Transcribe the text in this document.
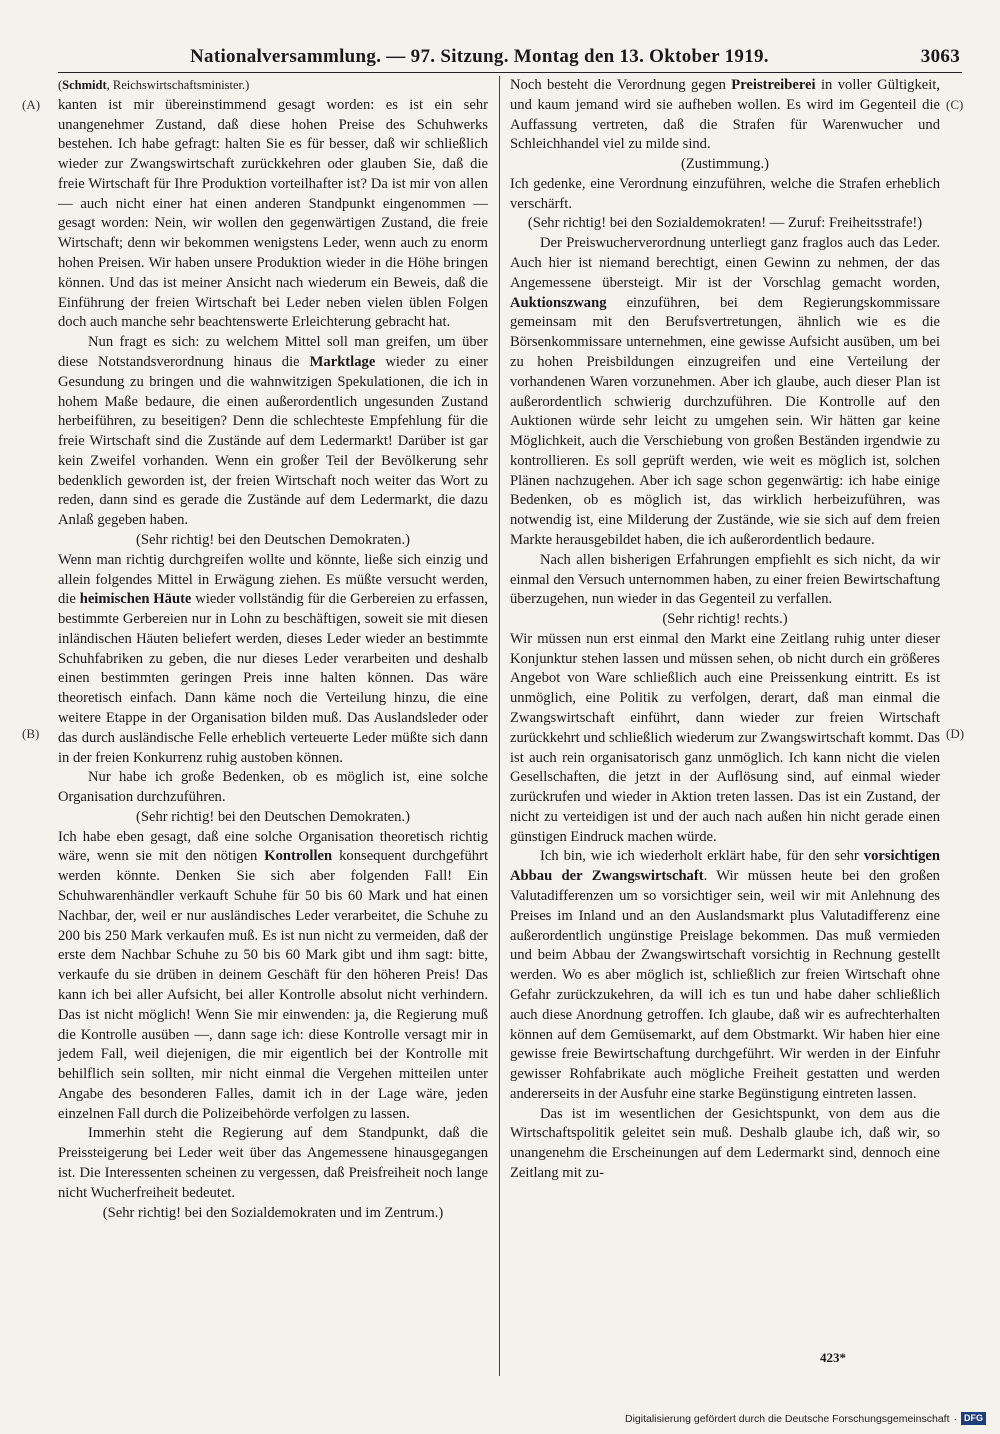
Nationalversammlung. — 97. Sitzung. Montag den 13. Oktober 1919.	3063
(A)
(B)
(C)
(D)

(Schmidt, Reichswirtschaftsminister.)

kanten ist mir übereinstimmend gesagt worden: es ist ein sehr unangenehmer Zustand, daß diese hohen Preise des Schuhwerks bestehen. Ich habe gefragt: halten Sie es für besser, daß wir schließlich wieder zur Zwangswirtschaft zurückkehren oder glauben Sie, daß die freie Wirtschaft für Ihre Produktion vorteilhafter ist? Da ist mir von allen — auch nicht einer hat einen anderen Standpunkt eingenommen — gesagt worden: Nein, wir wollen den gegenwärtigen Zustand, die freie Wirtschaft; denn wir bekommen wenigstens Leder, wenn auch zu enorm hohen Preisen. Wir haben unsere Produktion wieder in die Höhe bringen können. Und das ist meiner Ansicht nach wiederum ein Beweis, daß die Einführung der freien Wirtschaft bei Leder neben vielen üblen Folgen doch auch manche sehr beachtenswerte Erleichterung gebracht hat.

Nun fragt es sich: zu welchem Mittel soll man greifen, um über diese Notstandsverordnung hinaus die Marktlage wieder zu einer Gesundung zu bringen und die wahnwitzigen Spekulationen, die ich in hohem Maße bedaure, die einen außerordentlich ungesunden Zustand herbeiführen, zu beseitigen? Denn die schlechteste Empfehlung für die freie Wirtschaft sind die Zustände auf dem Ledermarkt! Darüber ist gar kein Zweifel vorhanden. Wenn ein großer Teil der Bevölkerung sehr bedenklich geworden ist, der freien Wirtschaft noch weiter das Wort zu reden, dann sind es gerade die Zustände auf dem Ledermarkt, die dazu Anlaß gegeben haben.

(Sehr richtig! bei den Deutschen Demokraten.)

Wenn man richtig durchgreifen wollte und könnte, ließe sich einzig und allein folgendes Mittel in Erwägung ziehen. Es müßte versucht werden, die heimischen Häute wieder vollständig für die Gerbereien zu erfassen, bestimmte Gerbereien nur in Lohn zu beschäftigen, soweit sie mit diesen inländischen Häuten beliefert werden, dieses Leder wieder an bestimmte Schuhfabriken zu geben, die nur dieses Leder verarbeiten und deshalb einen bestimmten geringen Preis inne halten können. Das wäre theoretisch einfach. Dann käme noch die Verteilung hinzu, die eine weitere Etappe in der Organisation bilden muß. Das Auslandsleder oder das durch ausländische Felle erheblich verteuerte Leder müßte sich dann in der freien Konkurrenz ruhig austoben können.

Nur habe ich große Bedenken, ob es möglich ist, eine solche Organisation durchzuführen.

(Sehr richtig! bei den Deutschen Demokraten.)

Ich habe eben gesagt, daß eine solche Organisation theoretisch richtig wäre, wenn sie mit den nötigen Kontrollen konsequent durchgeführt werden könnte. Denken Sie sich aber folgenden Fall! Ein Schuhwarenhändler verkauft Schuhe für 50 bis 60 Mark und hat einen Nachbar, der, weil er nur ausländisches Leder verarbeitet, die Schuhe zu 200 bis 250 Mark verkaufen muß. Es ist nun nicht zu vermeiden, daß der erste dem Nachbar Schuhe zu 50 bis 60 Mark gibt und ihm sagt: bitte, verkaufe du sie drüben in deinem Geschäft für den höheren Preis! Das kann ich bei aller Aufsicht, bei aller Kontrolle absolut nicht verhindern. Das ist nicht möglich! Wenn Sie mir einwenden: ja, die Regierung muß die Kontrolle ausüben —, dann sage ich: diese Kontrolle versagt mir in jedem Fall, weil diejenigen, die mir eigentlich bei der Kontrolle mit behilflich sein sollten, mir nicht einmal die Vergehen mitteilen unter Angabe des besonderen Falles, damit ich in der Lage wäre, jeden einzelnen Fall durch die Polizeibehörde verfolgen zu lassen.

Immerhin steht die Regierung auf dem Standpunkt, daß die Preissteigerung bei Leder weit über das Angemessene hinausgegangen ist. Die Interessenten scheinen zu vergessen, daß Preisfreiheit noch lange nicht Wucherfreiheit bedeutet.

(Sehr richtig! bei den Sozialdemokraten und im Zentrum.)

Noch besteht die Verordnung gegen Preistreiberei in voller Gültigkeit, und kaum jemand wird sie aufheben wollen. Es wird im Gegenteil die Auffassung vertreten, daß die Strafen für Warenwucher und Schleichhandel viel zu milde sind.

(Zustimmung.)

Ich gedenke, eine Verordnung einzuführen, welche die Strafen erheblich verschärft.

(Sehr richtig! bei den Sozialdemokraten! — Zuruf: Freiheitsstrafe!)

Der Preiswucherverordnung unterliegt ganz fraglos auch das Leder. Auch hier ist niemand berechtigt, einen Gewinn zu nehmen, der das Angemessene übersteigt. Mir ist der Vorschlag gemacht worden, Auktionszwang einzuführen, bei dem Regierungskommissare gemeinsam mit den Berufsvertretungen, ähnlich wie es die Börsenkommissare unternehmen, eine gewisse Aufsicht ausüben, um bei zu hohen Preisbildungen einzugreifen und eine Verteilung der vorhandenen Waren vorzunehmen. Aber ich glaube, auch dieser Plan ist außerordentlich schwierig durchzuführen. Die Kontrolle auf den Auktionen würde sehr leicht zu umgehen sein. Wir hätten gar keine Möglichkeit, auch die Verschiebung von großen Beständen irgendwie zu kontrollieren. Es soll geprüft werden, wie weit es möglich ist, solchen Plänen nachzugehen. Aber ich sage schon gegenwärtig: ich habe einige Bedenken, ob es möglich ist, das wirklich herbeizuführen, was notwendig ist, eine Milderung der Zustände, wie sie sich auf dem freien Markte herausgebildet haben, die ich außerordentlich bedaure.

Nach allen bisherigen Erfahrungen empfiehlt es sich nicht, da wir einmal den Versuch unternommen haben, zu einer freien Bewirtschaftung überzugehen, nun wieder in das Gegenteil zu verfallen.

(Sehr richtig! rechts.)

Wir müssen nun erst einmal den Markt eine Zeitlang ruhig unter dieser Konjunktur stehen lassen und müssen sehen, ob nicht durch ein größeres Angebot von Ware schließlich auch eine Preissenkung eintritt. Es ist unmöglich, eine Politik zu verfolgen, derart, daß man einmal die Zwangswirtschaft einführt, dann wieder zur freien Wirtschaft zurückkehrt und schließlich wiederum zur Zwangswirtschaft kommt. Das ist auch rein organisatorisch ganz unmöglich. Ich kann nicht die vielen Gesellschaften, die jetzt in der Auflösung sind, auf einmal wieder zurückrufen und wieder in Aktion treten lassen. Das ist ein Zustand, der nicht zu verteidigen ist und der auch nach außen hin nicht gerade einen günstigen Eindruck machen würde.

Ich bin, wie ich wiederholt erklärt habe, für den sehr vorsichtigen Abbau der Zwangswirtschaft. Wir müssen heute bei den großen Valutadifferenzen um so vorsichtiger sein, weil wir mit Anlehnung des Preises im Inland und an den Auslandsmarkt plus Valutadifferenz eine außerordentlich ungünstige Preislage bekommen. Das muß vermieden und beim Abbau der Zwangswirtschaft vorsichtig in Rechnung gestellt werden. Wo es aber möglich ist, schließlich zur freien Wirtschaft ohne Gefahr zurückzukehren, da will ich es tun und habe daher schließlich auch diese Anordnung getroffen. Ich glaube, daß wir es aufrechterhalten können auf dem Gemüsemarkt, auf dem Obstmarkt. Wir haben hier eine gewisse freie Bewirtschaftung durchgeführt. Wir werden in der Einfuhr gewisser Rohfabrikate auch mögliche Freiheit gestatten und werden andererseits in der Ausfuhr eine starke Begünstigung eintreten lassen.

Das ist im wesentlichen der Gesichtspunkt, von dem aus die Wirtschaftspolitik geleitet sein muß. Deshalb glaube ich, daß wir, so unangenehm die Erscheinungen auf dem Ledermarkt sind, dennoch eine Zeitlang mit zu-

423*
Digitalisierung gefördert durch die Deutsche Forschungsgemeinschaft · DFG
